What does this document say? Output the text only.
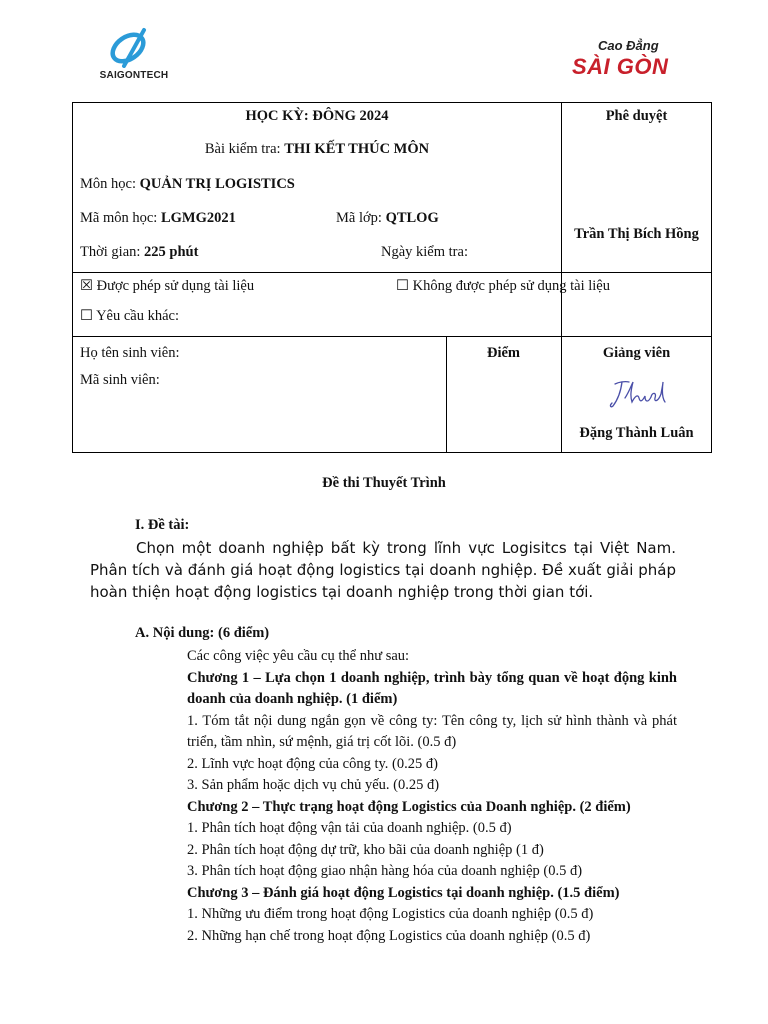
SAIGONTECH
Cao Đẳng
SÀI GÒN
HỌC KỲ: ĐÔNG 2024
Bài kiểm tra: THI KẾT THÚC MÔN
Môn học: QUẢN TRỊ LOGISTICS
Mã môn học: LGMG2021	Mã lớp: QTLOG
Thời gian: 225 phút	Ngày kiểm tra:
Phê duyệt
Trần Thị Bích Hồng
☒ Được phép sử dụng tài liệu	☐ Không được phép sử dụng tài liệu
☐ Yêu cầu khác:
Họ tên sinh viên:
Mã sinh viên:
Điểm	Giảng viên
Đặng Thành Luân
Đề thi Thuyết Trình
I. Đề tài:
Chọn một doanh nghiệp bất kỳ trong lĩnh vực Logisitcs tại Việt Nam. Phân tích và đánh giá hoạt động logistics tại doanh nghiệp. Đề xuất giải pháp hoàn thiện hoạt động logistics tại doanh nghiệp trong thời gian tới.
A. Nội dung: (6 điểm)

Các công việc yêu cầu cụ thể như sau:

Chương 1 – Lựa chọn 1 doanh nghiệp, trình bày tổng quan về hoạt động kinh doanh của doanh nghiệp. (1 điểm)

1. Tóm tắt nội dung ngắn gọn về công ty: Tên công ty, lịch sử hình thành và phát triển, tầm nhìn, sứ mệnh, giá trị cốt lõi. (0.5 đ)

2. Lĩnh vực hoạt động của công ty. (0.25 đ)

3. Sản phẩm hoặc dịch vụ chủ yếu. (0.25 đ)

Chương 2 – Thực trạng hoạt động Logistics của Doanh nghiệp. (2 điểm)

1. Phân tích hoạt động vận tải của doanh nghiệp. (0.5 đ)

2. Phân tích hoạt động dự trữ, kho bãi của doanh nghiệp (1 đ)

3. Phân tích hoạt động giao nhận hàng hóa của doanh nghiệp (0.5 đ)

Chương 3 – Đánh giá hoạt động Logistics tại doanh nghiệp. (1.5 điểm)

1. Những ưu điểm trong hoạt động Logistics của doanh nghiệp (0.5 đ)

2. Những hạn chế trong hoạt động Logistics của doanh nghiệp (0.5 đ)
